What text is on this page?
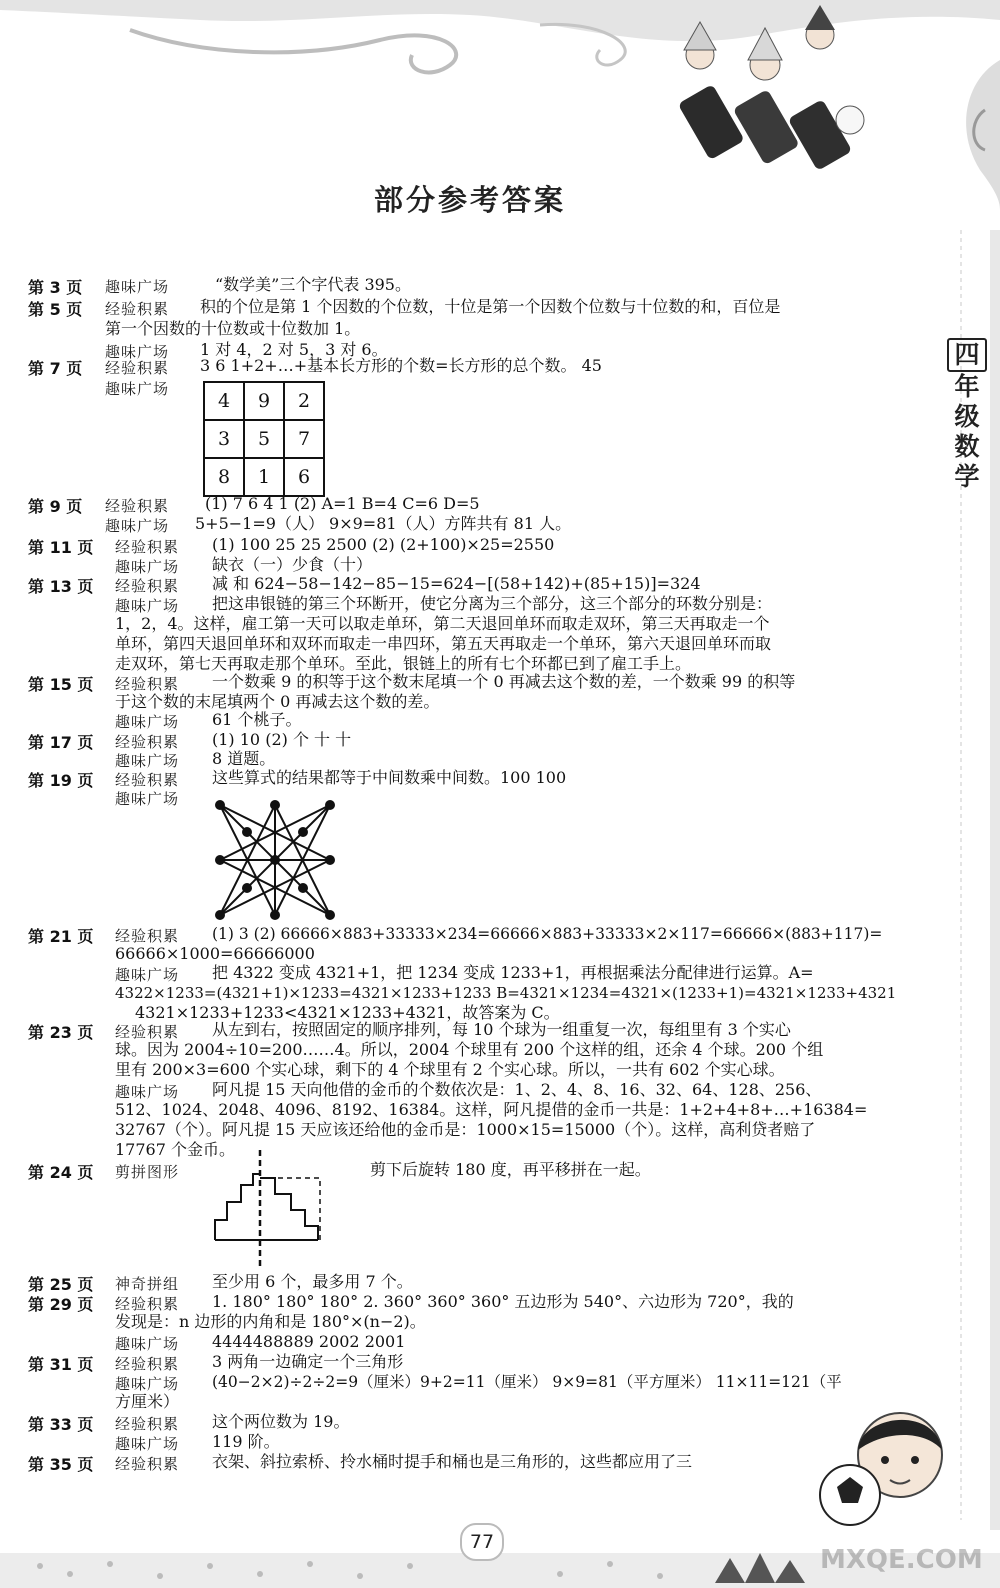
四
年
级
数
学
部分参考答案
第 3 页 趣味广场	“数学美”三个字代表 395。
第 5 页 经验积累 积的个位是第 1 个因数的个位数，十位是第一个因数个位数与十位数的和，百位是
第一个因数的十位数或十位数加 1。
趣味广场 1 对 4，2 对 5，3 对 6。
第 7 页 经验积累 3 6 1+2+…+基本长方形的个数=长方形的总个数。 45
趣味广场
4	9	2
3	5	7
8	1	6
第 9 页 经验积累 (1) 7 6 4 1 (2) A=1 B=4 C=6 D=5
趣味广场 5+5−1=9（人） 9×9=81（人）方阵共有 81 人。
第 11 页 经验积累 (1) 100 25 25 2500 (2) (2+100)×25=2550
趣味广场 缺衣（一）少食（十）
第 13 页 经验积累 减 和 624−58−142−85−15=624−[(58+142)+(85+15)]=324
趣味广场 把这串银链的第三个环断开，使它分离为三个部分，这三个部分的环数分别是：
1，2，4。这样，雇工第一天可以取走单环，第二天退回单环而取走双环，第三天再取走一个
单环，第四天退回单环和双环而取走一串四环，第五天再取走一个单环，第六天退回单环而取
走双环，第七天再取走那个单环。至此，银链上的所有七个环都已到了雇工手上。
第 15 页 经验积累 一个数乘 9 的积等于这个数末尾填一个 0 再减去这个数的差，一个数乘 99 的积等
于这个数的末尾填两个 0 再减去这个数的差。
趣味广场 61 个桃子。
第 17 页 经验积累 (1) 10 (2) 个 十 十
趣味广场 8 道题。
第 19 页 经验积累 这些算式的结果都等于中间数乘中间数。100 100
趣味广场
第 21 页 经验积累 (1) 3 (2) 66666×883+33333×234=66666×883+33333×2×117=66666×(883+117)=
66666×1000=66666000
趣味广场 把 4322 变成 4321+1，把 1234 变成 1233+1，再根据乘法分配律进行运算。A=
4322×1233=(4321+1)×1233=4321×1233+1233 B=4321×1234=4321×(1233+1)=4321×1233+4321
4321×1233+1233<4321×1233+4321，故答案为 C。
第 23 页 经验积累 从左到右，按照固定的顺序排列，每 10 个球为一组重复一次，每组里有 3 个实心
球。因为 2004÷10=200……4。所以，2004 个球里有 200 个这样的组，还余 4 个球。200 个组
里有 200×3=600 个实心球，剩下的 4 个球里有 2 个实心球。所以，一共有 602 个实心球。
趣味广场 阿凡提 15 天向他借的金币的个数依次是：1、2、4、8、16、32、64、128、256、
512、1024、2048、4096、8192、16384。这样，阿凡提借的金币一共是：1+2+4+8+…+16384=
32767（个）。阿凡提 15 天应该还给他的金币是：1000×15=15000（个）。这样，高利贷者赔了
17767 个金币。
第 24 页 剪拼图形	剪下后旋转 180 度，再平移拼在一起。
第 25 页 神奇拼组 至少用 6 个，最多用 7 个。
第 29 页 经验积累 1. 180° 180° 180° 2. 360° 360° 360° 五边形为 540°、六边形为 720°，我的
发现是：n 边形的内角和是 180°×(n−2)。
趣味广场 4444488889 2002 2001
第 31 页 经验积累 3 两角一边确定一个三角形
趣味广场 (40−2×2)÷2÷2=9（厘米）9+2=11（厘米） 9×9=81（平方厘米） 11×11=121（平
方厘米）
第 33 页 经验积累 这个两位数为 19。
趣味广场 119 阶。
第 35 页 经验积累 衣架、斜拉索桥、拎水桶时提手和桶也是三角形的，这些都应用了三
77
MXQE.COM
